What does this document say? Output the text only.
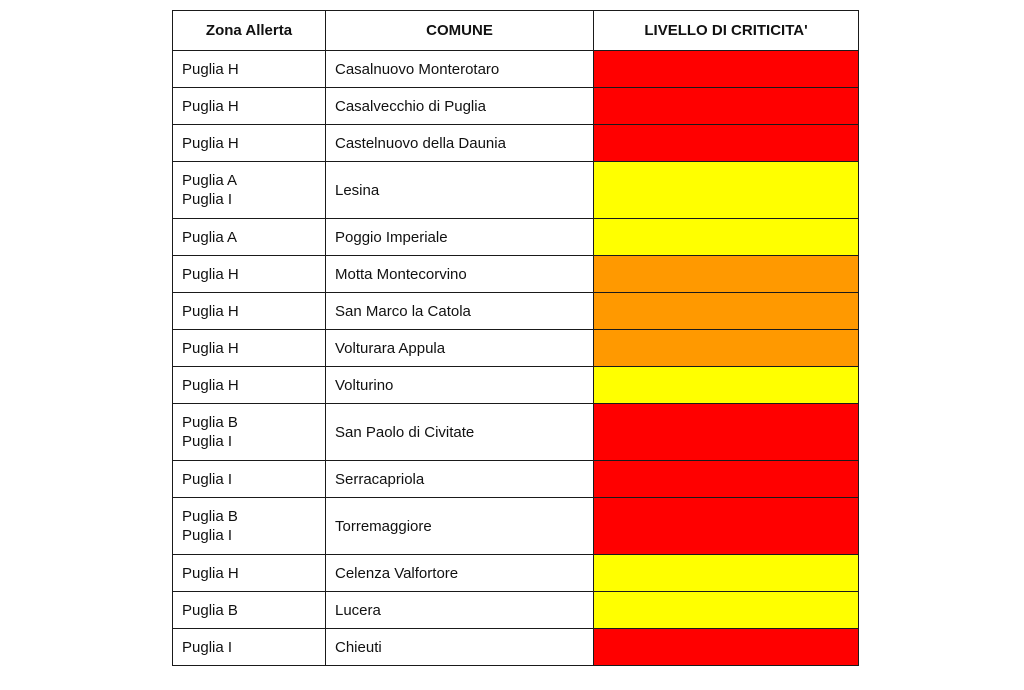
Zona Allerta	COMUNE	LIVELLO DI CRITICITA'

Puglia H	Casalnuovo Monterotaro	

Puglia H	Casalvecchio di Puglia	

Puglia H	Castelnuovo della Daunia	

Puglia A
Puglia I	Lesina	

Puglia A	Poggio Imperiale	

Puglia H	Motta Montecorvino	

Puglia H	San Marco la Catola	

Puglia H	Volturara Appula	

Puglia H	Volturino	

Puglia B
Puglia I	San Paolo di Civitate	

Puglia I	Serracapriola	

Puglia B
Puglia I	Torremaggiore	

Puglia H	Celenza Valfortore	

Puglia B	Lucera	

Puglia I	Chieuti	
